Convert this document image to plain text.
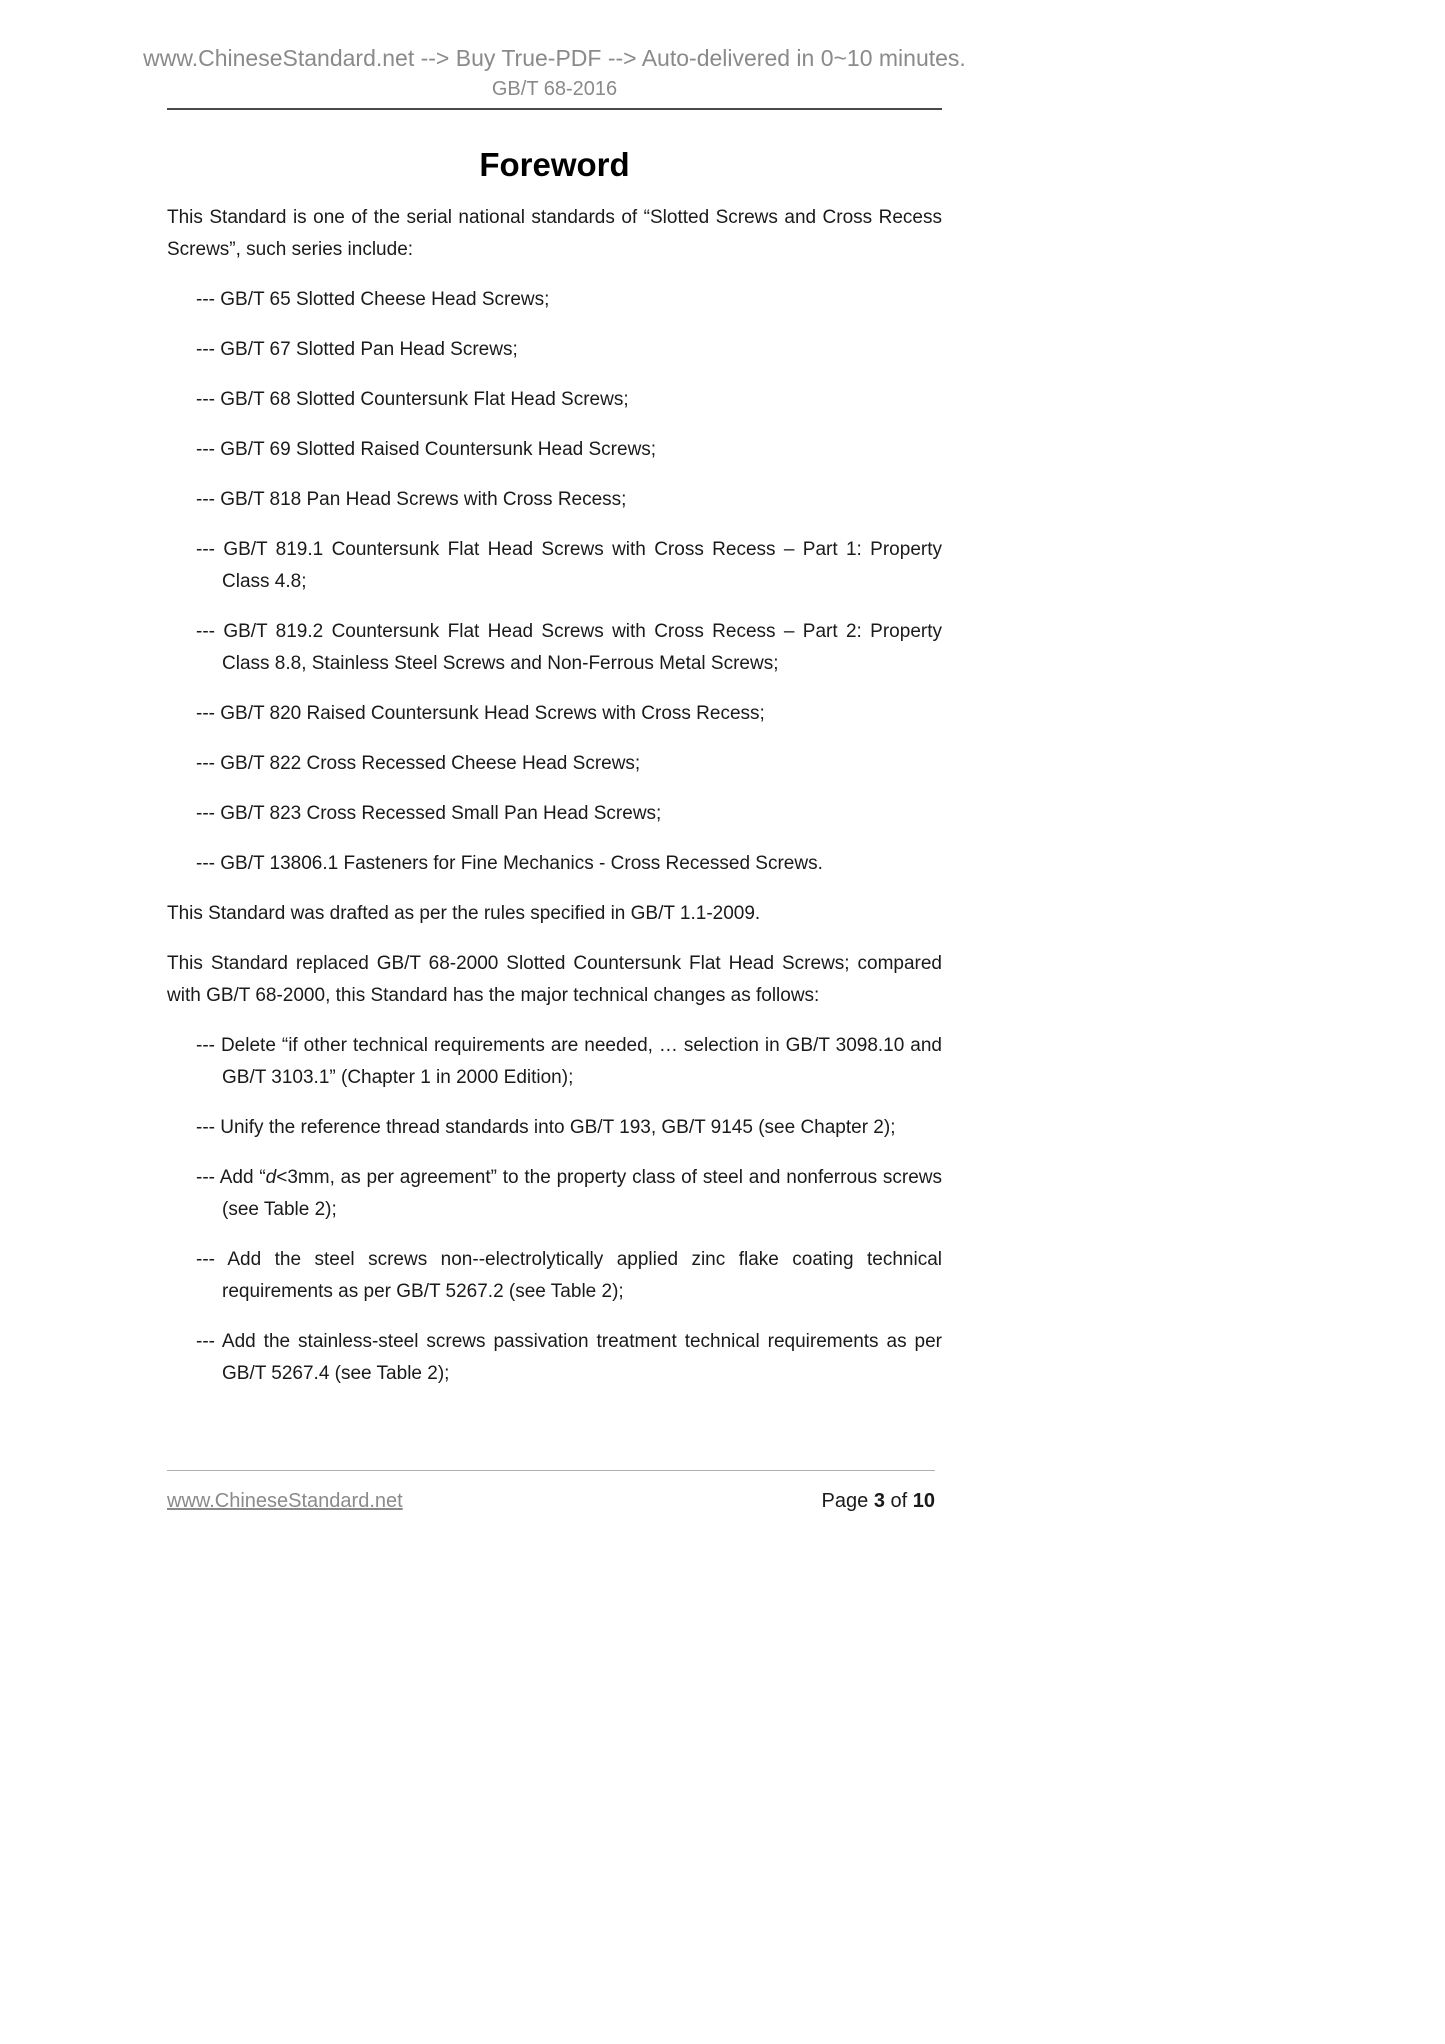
www.ChineseStandard.net --> Buy True-PDF --> Auto-delivered in 0~10 minutes.
GB/T 68-2016
Foreword

This Standard is one of the serial national standards of “Slotted Screws and Cross Recess Screws”, such series include:

--- GB/T 65 Slotted Cheese Head Screws;

--- GB/T 67 Slotted Pan Head Screws;

--- GB/T 68 Slotted Countersunk Flat Head Screws;

--- GB/T 69 Slotted Raised Countersunk Head Screws;

--- GB/T 818 Pan Head Screws with Cross Recess;

--- GB/T 819.1 Countersunk Flat Head Screws with Cross Recess – Part 1: Property Class 4.8;

--- GB/T 819.2 Countersunk Flat Head Screws with Cross Recess – Part 2: Property Class 8.8, Stainless Steel Screws and Non-Ferrous Metal Screws;

--- GB/T 820 Raised Countersunk Head Screws with Cross Recess;

--- GB/T 822 Cross Recessed Cheese Head Screws;

--- GB/T 823 Cross Recessed Small Pan Head Screws;

--- GB/T 13806.1 Fasteners for Fine Mechanics - Cross Recessed Screws.

This Standard was drafted as per the rules specified in GB/T 1.1-2009.

This Standard replaced GB/T 68-2000 Slotted Countersunk Flat Head Screws; compared with GB/T 68-2000, this Standard has the major technical changes as follows:

--- Delete “if other technical requirements are needed, … selection in GB/T 3098.10 and GB/T 3103.1” (Chapter 1 in 2000 Edition);

--- Unify the reference thread standards into GB/T 193, GB/T 9145 (see Chapter 2);

--- Add “d<3mm, as per agreement” to the property class of steel and nonferrous screws (see Table 2);

--- Add the steel screws non--electrolytically applied zinc flake coating technical requirements as per GB/T 5267.2 (see Table 2);

--- Add the stainless-steel screws passivation treatment technical requirements as per GB/T 5267.4 (see Table 2);

www.ChineseStandard.net	Page 3 of 10
